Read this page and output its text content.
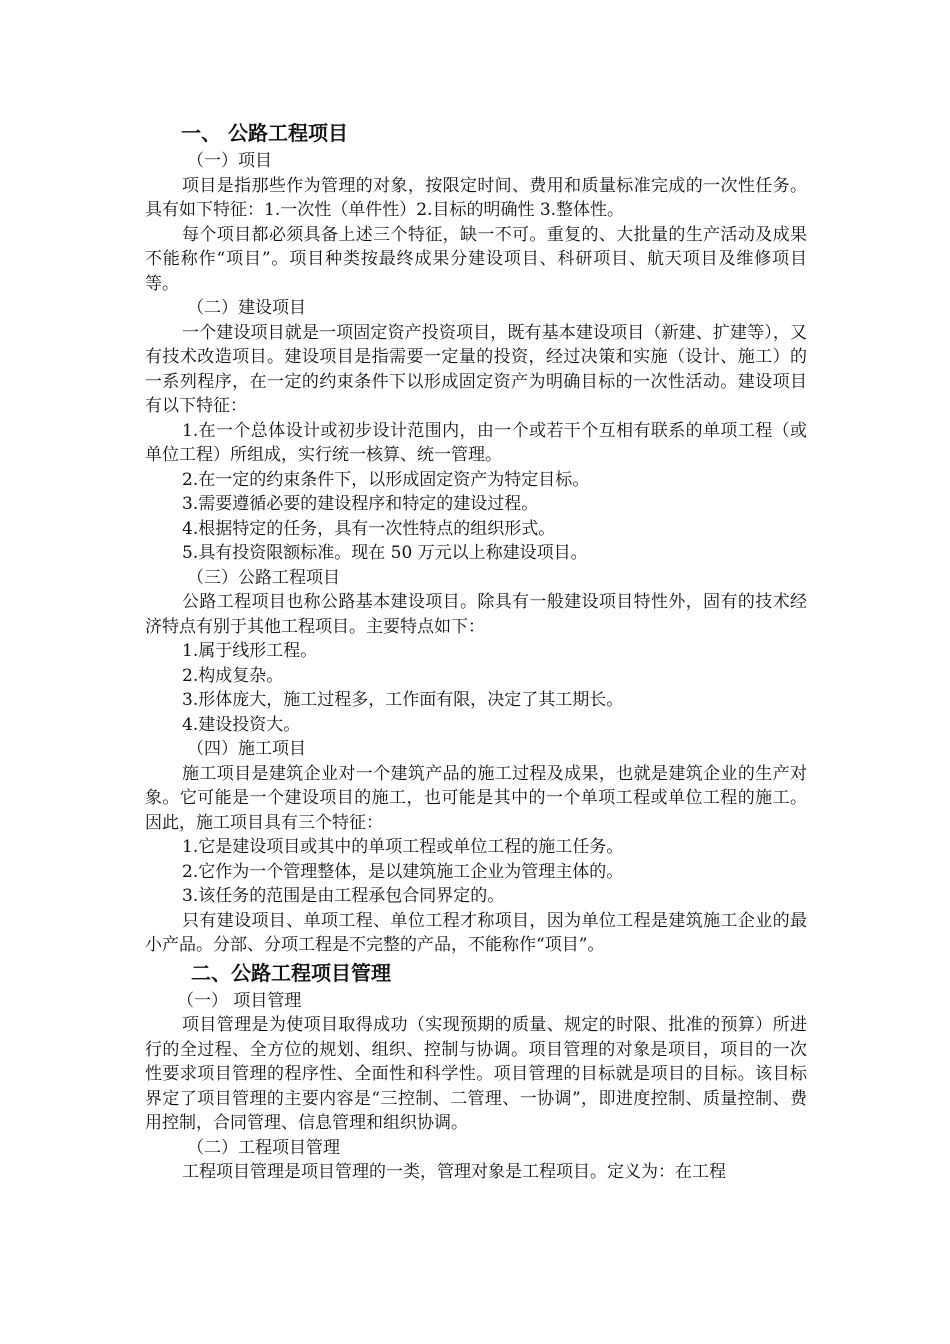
一、 公路工程项目
（一）项目

项目是指那些作为管理的对象，按限定时间、费用和质量标准完成的一次性任务。具有如下特征：1.一次性（单件性）2.目标的明确性 3.整体性。

每个项目都必须具备上述三个特征，缺一不可。重复的、大批量的生产活动及成果不能称作“项目”。项目种类按最终成果分建设项目、科研项目、航天项目及维修项目等。

（二）建设项目

一个建设项目就是一项固定资产投资项目，既有基本建设项目（新建、扩建等），又有技术改造项目。建设项目是指需要一定量的投资，经过决策和实施（设计、施工）的一系列程序，在一定的约束条件下以形成固定资产为明确目标的一次性活动。建设项目有以下特征：

1.在一个总体设计或初步设计范围内，由一个或若干个互相有联系的单项工程（或单位工程）所组成，实行统一核算、统一管理。

2.在一定的约束条件下，以形成固定资产为特定目标。
3.需要遵循必要的建设程序和特定的建设过程。
4.根据特定的任务，具有一次性特点的组织形式。
5.具有投资限额标准。现在 50 万元以上称建设项目。
（三）公路工程项目

公路工程项目也称公路基本建设项目。除具有一般建设项目特性外，固有的技术经济特点有别于其他工程项目。主要特点如下：

1.属于线形工程。
2.构成复杂。
3.形体庞大，施工过程多，工作面有限，决定了其工期长。
4.建设投资大。
（四）施工项目

施工项目是建筑企业对一个建筑产品的施工过程及成果，也就是建筑企业的生产对象。它可能是一个建设项目的施工，也可能是其中的一个单项工程或单位工程的施工。因此，施工项目具有三个特征：

1.它是建设项目或其中的单项工程或单位工程的施工任务。
2.它作为一个管理整体，是以建筑施工企业为管理主体的。
3.该任务的范围是由工程承包合同界定的。

只有建设项目、单项工程、单位工程才称项目，因为单位工程是建筑施工企业的最小产品。分部、分项工程是不完整的产品，不能称作“项目”。

二、公路工程项目管理
（一） 项目管理

项目管理是为使项目取得成功（实现预期的质量、规定的时限、批准的预算）所进行的全过程、全方位的规划、组织、控制与协调。项目管理的对象是项目，项目的一次性要求项目管理的程序性、全面性和科学性。项目管理的目标就是项目的目标。该目标界定了项目管理的主要内容是“三控制、二管理、一协调”，即进度控制、质量控制、费用控制，合同管理、信息管理和组织协调。

（二）工程项目管理

工程项目管理是项目管理的一类，管理对象是工程项目。定义为：在工程
